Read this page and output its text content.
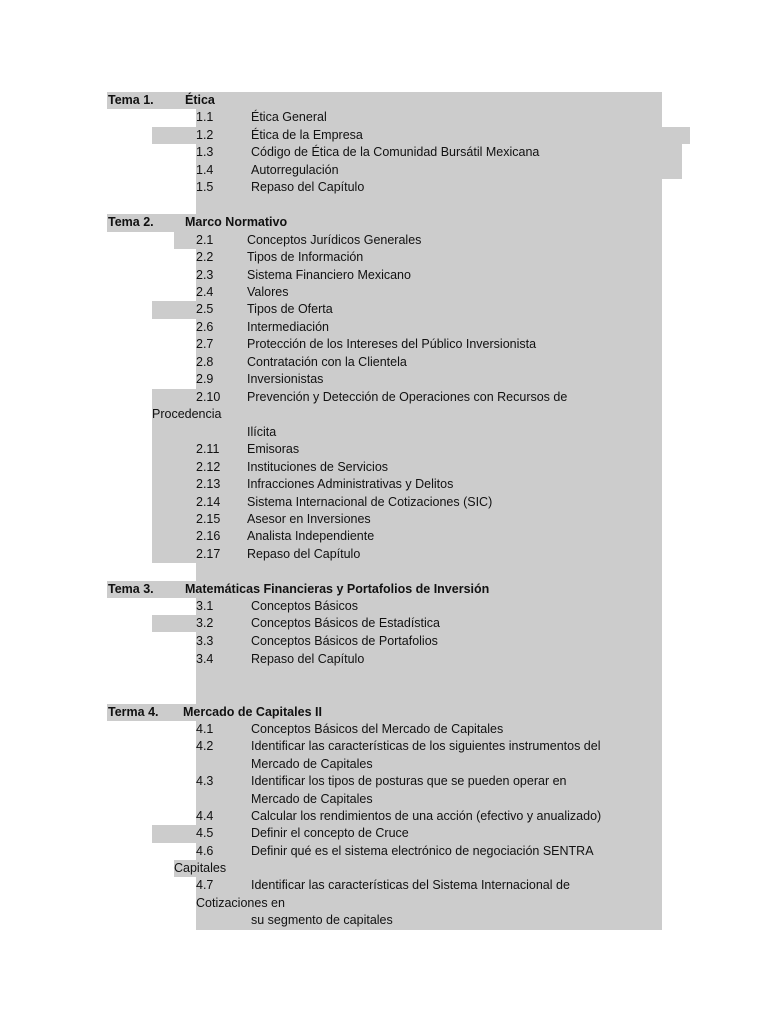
Tema 1.	Ética
1.1	Ética General
1.2	Ética de la Empresa
1.3	Código de Ética de la Comunidad Bursátil Mexicana
1.4	Autorregulación
1.5	Repaso del Capítulo
Tema 2.	Marco Normativo
2.1	Conceptos Jurídicos Generales
2.2	Tipos de Información
2.3	Sistema Financiero Mexicano
2.4	Valores
2.5	Tipos de Oferta
2.6	Intermediación
2.7	Protección de los Intereses del Público Inversionista
2.8	Contratación con la Clientela
2.9	Inversionistas
2.10 Prevención y Detección de Operaciones con Recursos de
Procedencia
Ilícita
2.11 Emisoras
2.12 Instituciones de Servicios
2.13 Infracciones Administrativas y Delitos
2.14 Sistema Internacional de Cotizaciones (SIC)
2.15 Asesor en Inversiones
2.16 Analista Independiente
2.17 Repaso del Capítulo
Tema 3.	Matemáticas Financieras y Portafolios de Inversión
3.1	Conceptos Básicos
3.2	Conceptos Básicos de Estadística
3.3	Conceptos Básicos de Portafolios
3.4	Repaso del Capítulo
Terma 4. Mercado de Capitales II
4.1	Conceptos Básicos del Mercado de Capitales
4.2	Identificar las características de los siguientes instrumentos del
Mercado de Capitales
4.3	Identificar los tipos de posturas que se pueden operar en
Mercado de Capitales
4.4	Calcular los rendimientos de una acción (efectivo y anualizado)
4.5	Definir el concepto de Cruce
4.6	Definir qué es el sistema electrónico de negociación SENTRA
Capitales
4.7	Identificar las características del Sistema Internacional de
Cotizaciones en
su segmento de capitales
